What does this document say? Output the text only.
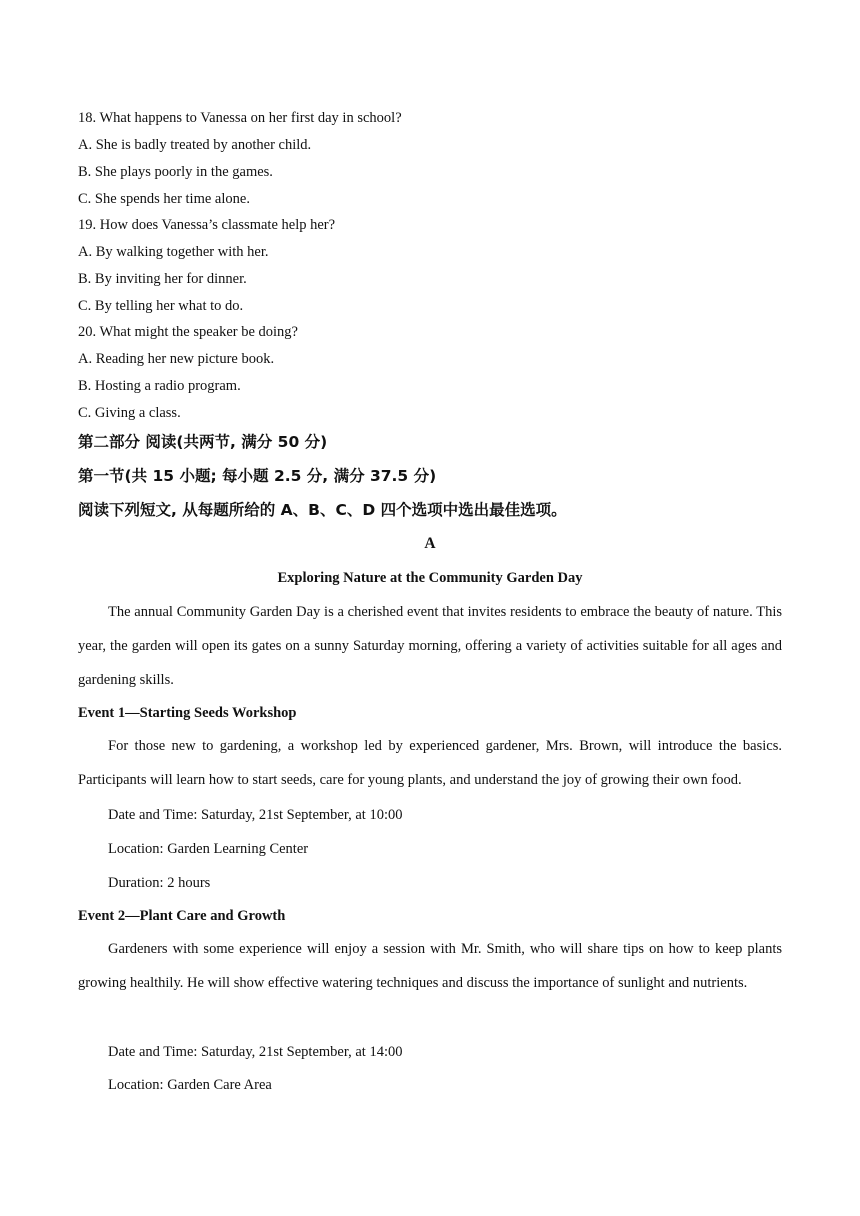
18. What happens to Vanessa on her first day in school?
A. She is badly treated by another child.
B. She plays poorly in the games.
C. She spends her time alone.
19. How does Vanessa’s classmate help her?
A. By walking together with her.
B. By inviting her for dinner.
C. By telling her what to do.
20. What might the speaker be doing?
A. Reading her new picture book.
B. Hosting a radio program.
C. Giving a class.
第二部分 阅读(共两节, 满分 50 分)
第一节(共 15 小题; 每小题 2.5 分, 满分 37.5 分)
阅读下列短文, 从每题所给的 A、B、C、D 四个选项中选出最佳选项。
A
Exploring Nature at the Community Garden Day
The annual Community Garden Day is a cherished event that invites residents to embrace the beauty of nature. This year, the garden will open its gates on a sunny Saturday morning, offering a variety of activities suitable for all ages and gardening skills.
Event 1—Starting Seeds Workshop
For those new to gardening, a workshop led by experienced gardener, Mrs. Brown, will introduce the basics. Participants will learn how to start seeds, care for young plants, and understand the joy of growing their own food.
Date and Time: Saturday, 21st September, at 10:00
Location: Garden Learning Center
Duration: 2 hours
Event 2—Plant Care and Growth
Gardeners with some experience will enjoy a session with Mr. Smith, who will share tips on how to keep plants growing healthily. He will show effective watering techniques and discuss the importance of sunlight and nutrients.
Date and Time: Saturday, 21st September, at 14:00
Location: Garden Care Area
